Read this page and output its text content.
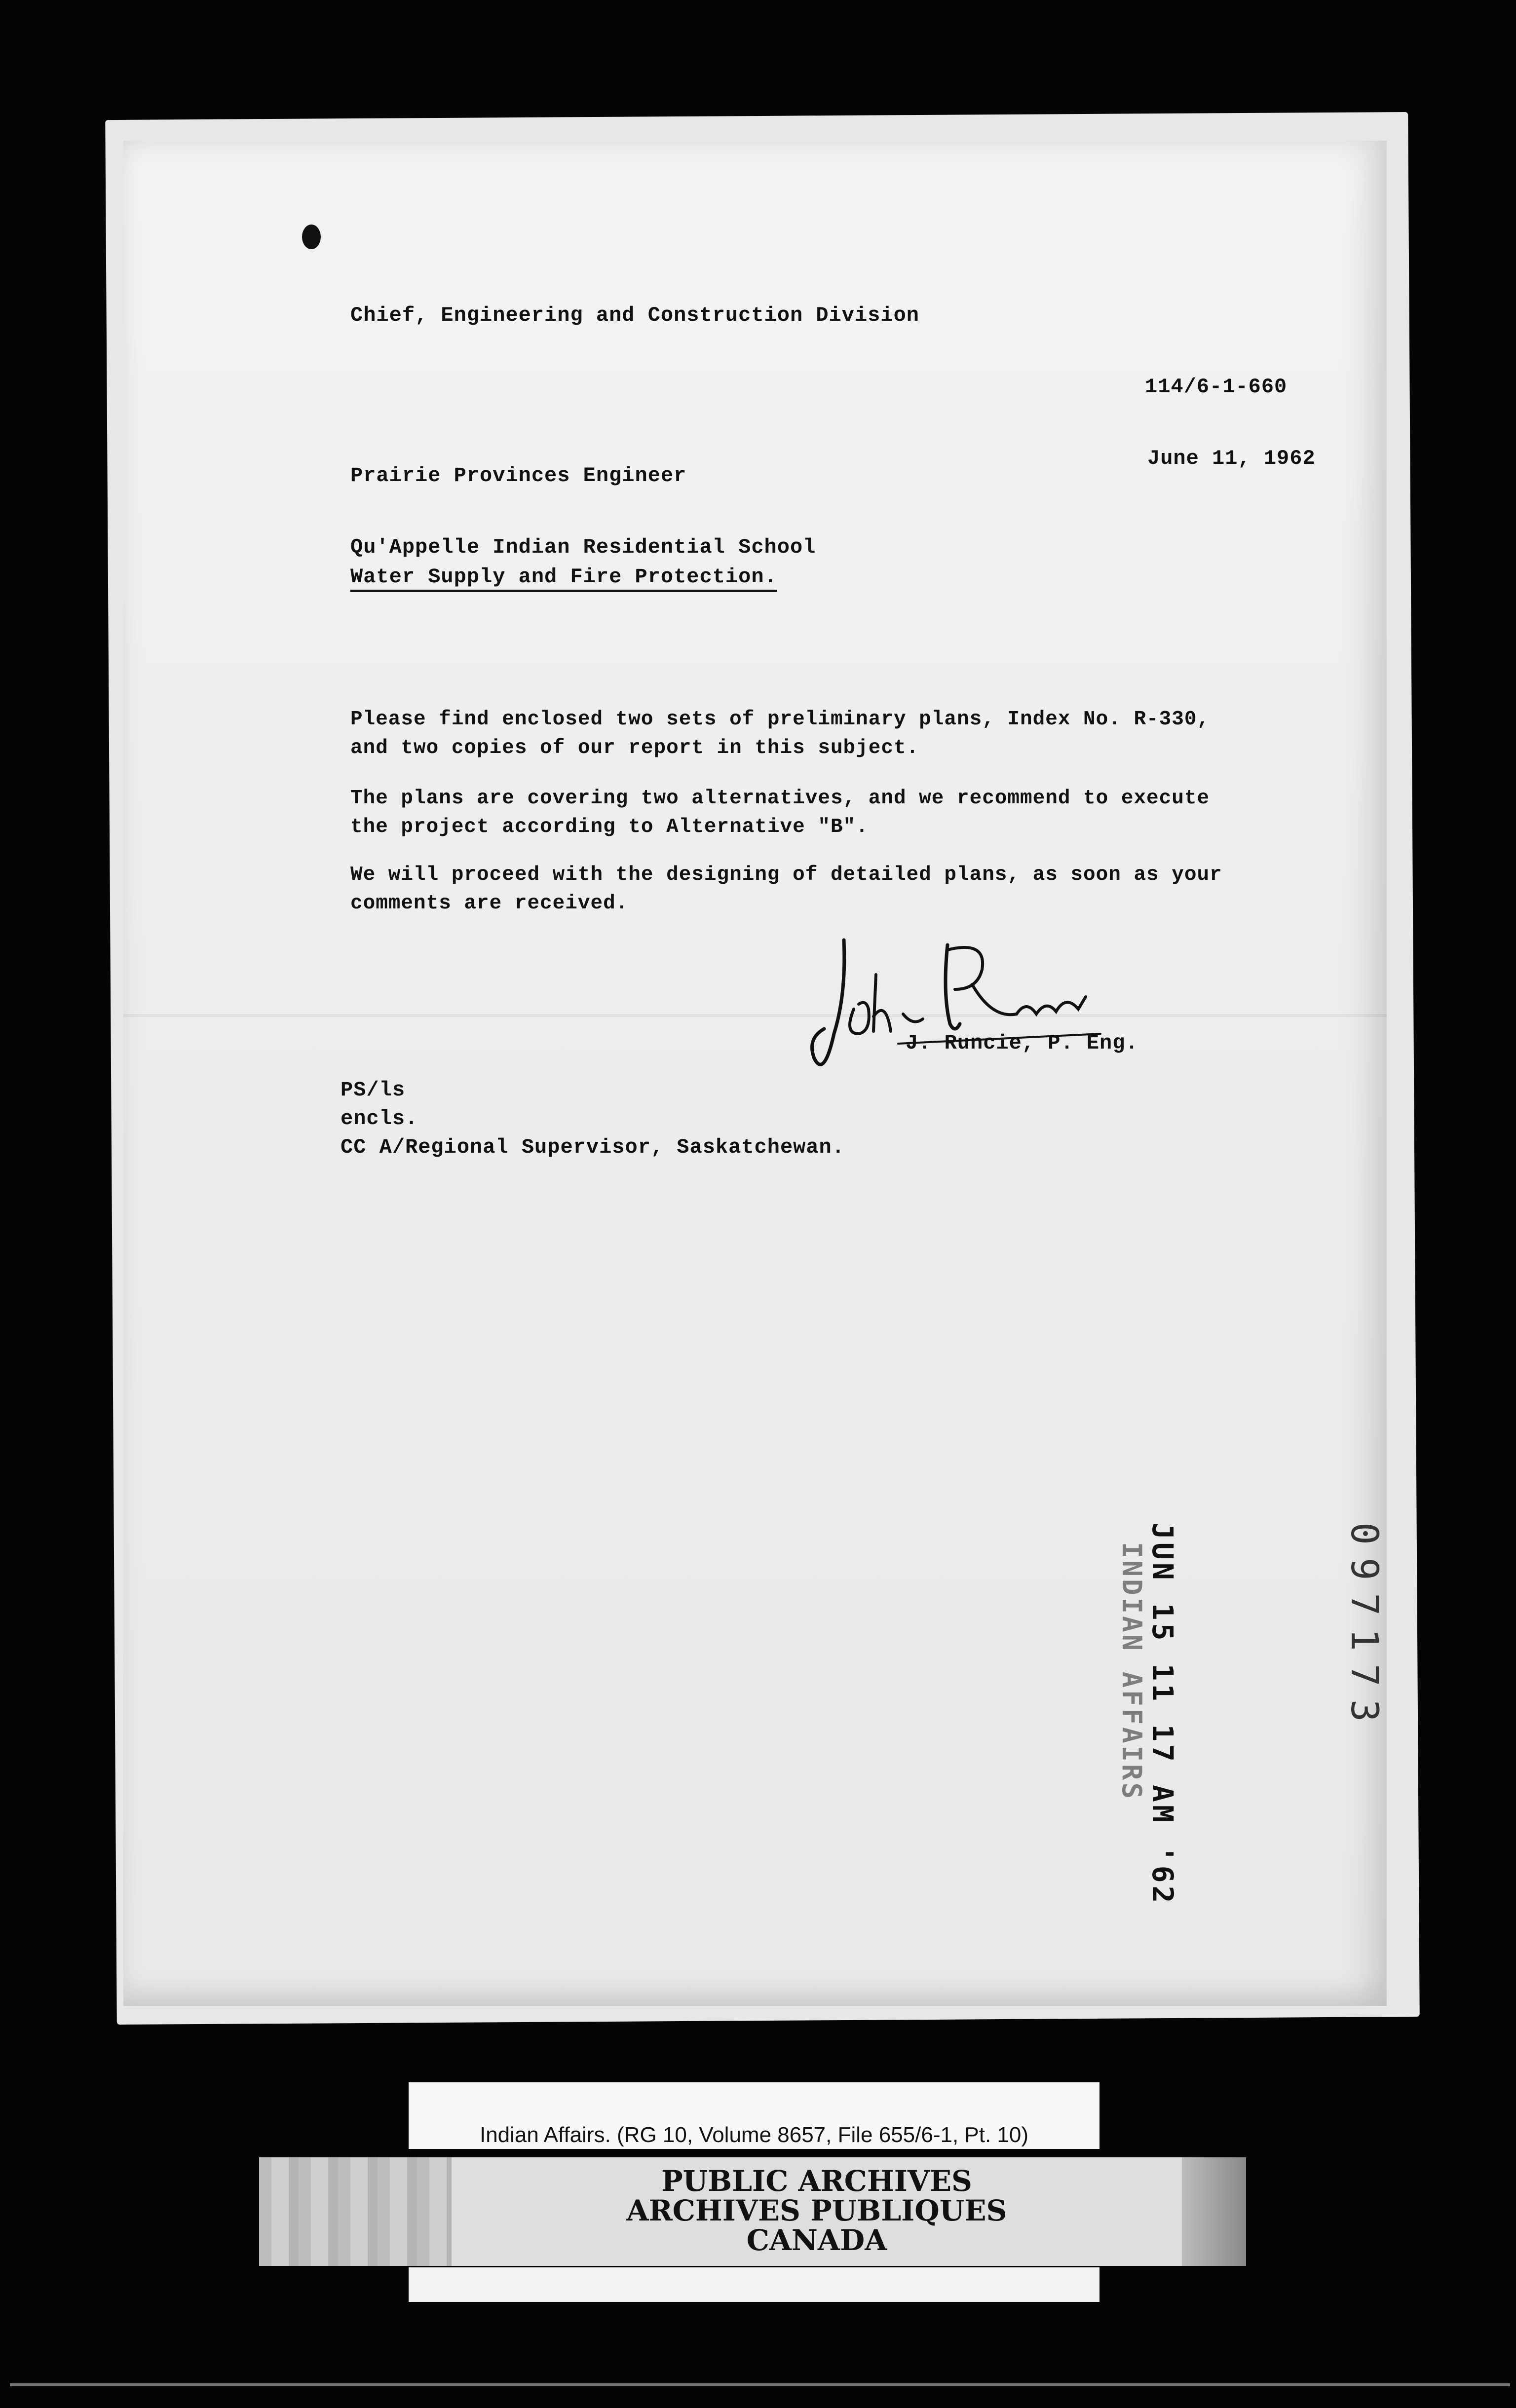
Chief, Engineering and Construction Division

114/6-1-660

June 11, 1962

Prairie Provinces Engineer

Qu'Appelle Indian Residential School

Water Supply and Fire Protection.

Please find enclosed two sets of preliminary plans, Index No. R-330,

and two copies of our report in this subject.

The plans are covering two alternatives, and we recommend to execute

the project according to Alternative "B".

We will proceed with the designing of detailed plans, as soon as your

comments are received.

J. Runcie, P. Eng.

PS/ls

encls.

CC A/Regional Supervisor, Saskatchewan.

JUN 15 11 17 AM '62

INDIAN AFFAIRS	097173

Indian Affairs. (RG 10, Volume 8657, File 655/6-1, Pt. 10)

PUBLIC ARCHIVES

ARCHIVES PUBLIQUES

CANADA
